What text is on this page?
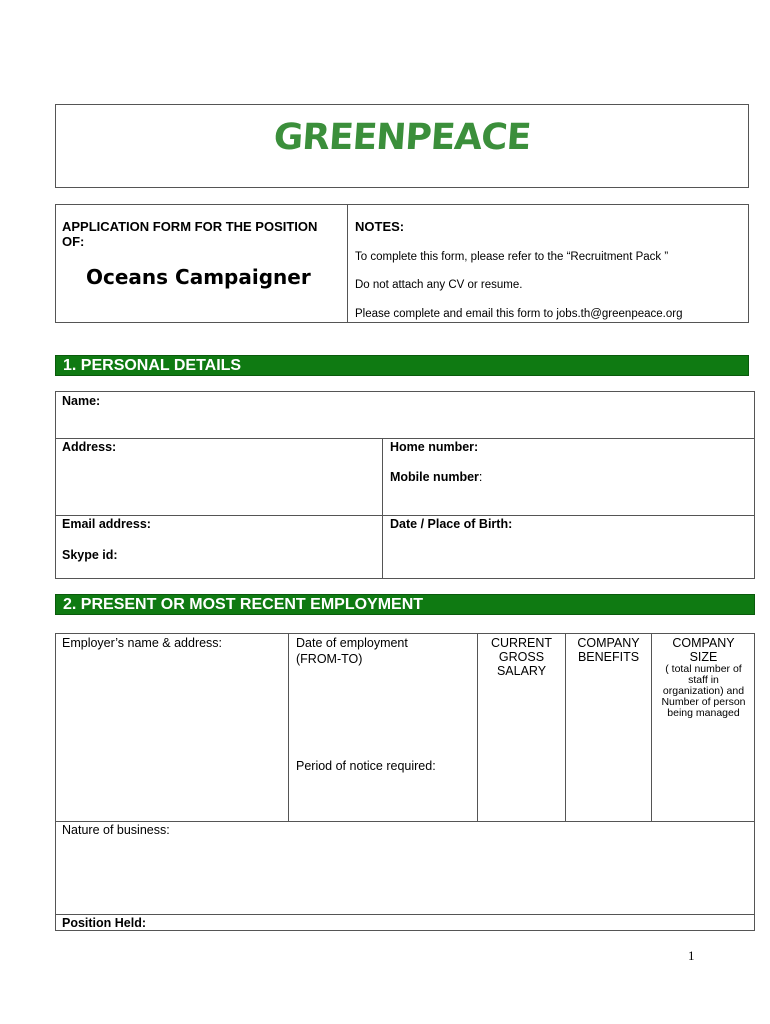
GREENPEACE
APPLICATION FORM FOR THE POSITION OF:
Oceans Campaigner
NOTES:
To complete this form, please refer to the “Recruitment Pack ”
Do not attach any CV or resume.
Please complete and email this form to jobs.th@greenpeace.org
1. PERSONAL DETAILS
Name:
Address:	Home number:
Mobile number:
Email address:
Skype id:
Date / Place of Birth:
2. PRESENT OR MOST RECENT EMPLOYMENT
Employer’s name & address:	Date of employment
(FROM-TO)
Period of notice required:
CURRENT
GROSS
SALARY
COMPANY
BENEFITS
COMPANY
SIZE
( total number of
staff in
organization) and
Number of person
being managed
Nature of business:
Position Held:
1
